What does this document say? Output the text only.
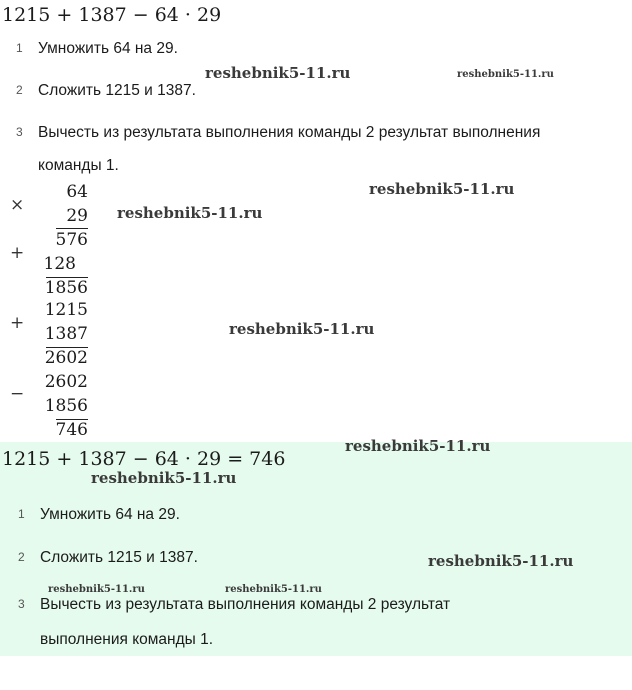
1215 + 1387 − 64 · 29
1 Умножить 64 на 29.
2 Сложить 1215 и 1387.
3 Вычесть из результата выполнения команды 2 результат выполнения
команды 1.
×
64
29
576
+
128
1856
+
1215
1387
2602
−
2602
1856
746
1215 + 1387 − 64 · 29 = 746
1 Умножить 64 на 29.
2 Сложить 1215 и 1387.
3 Вычесть из результата выполнения команды 2 результат
выполнения команды 1.
reshebnik5-11.ru	reshebnik5-11.ru
reshebnik5-11.ru
reshebnik5-11.ru
reshebnik5-11.ru
reshebnik5-11.ru
reshebnik5-11.ru
reshebnik5-11.ru
reshebnik5-11.ru	reshebnik5-11.ru
